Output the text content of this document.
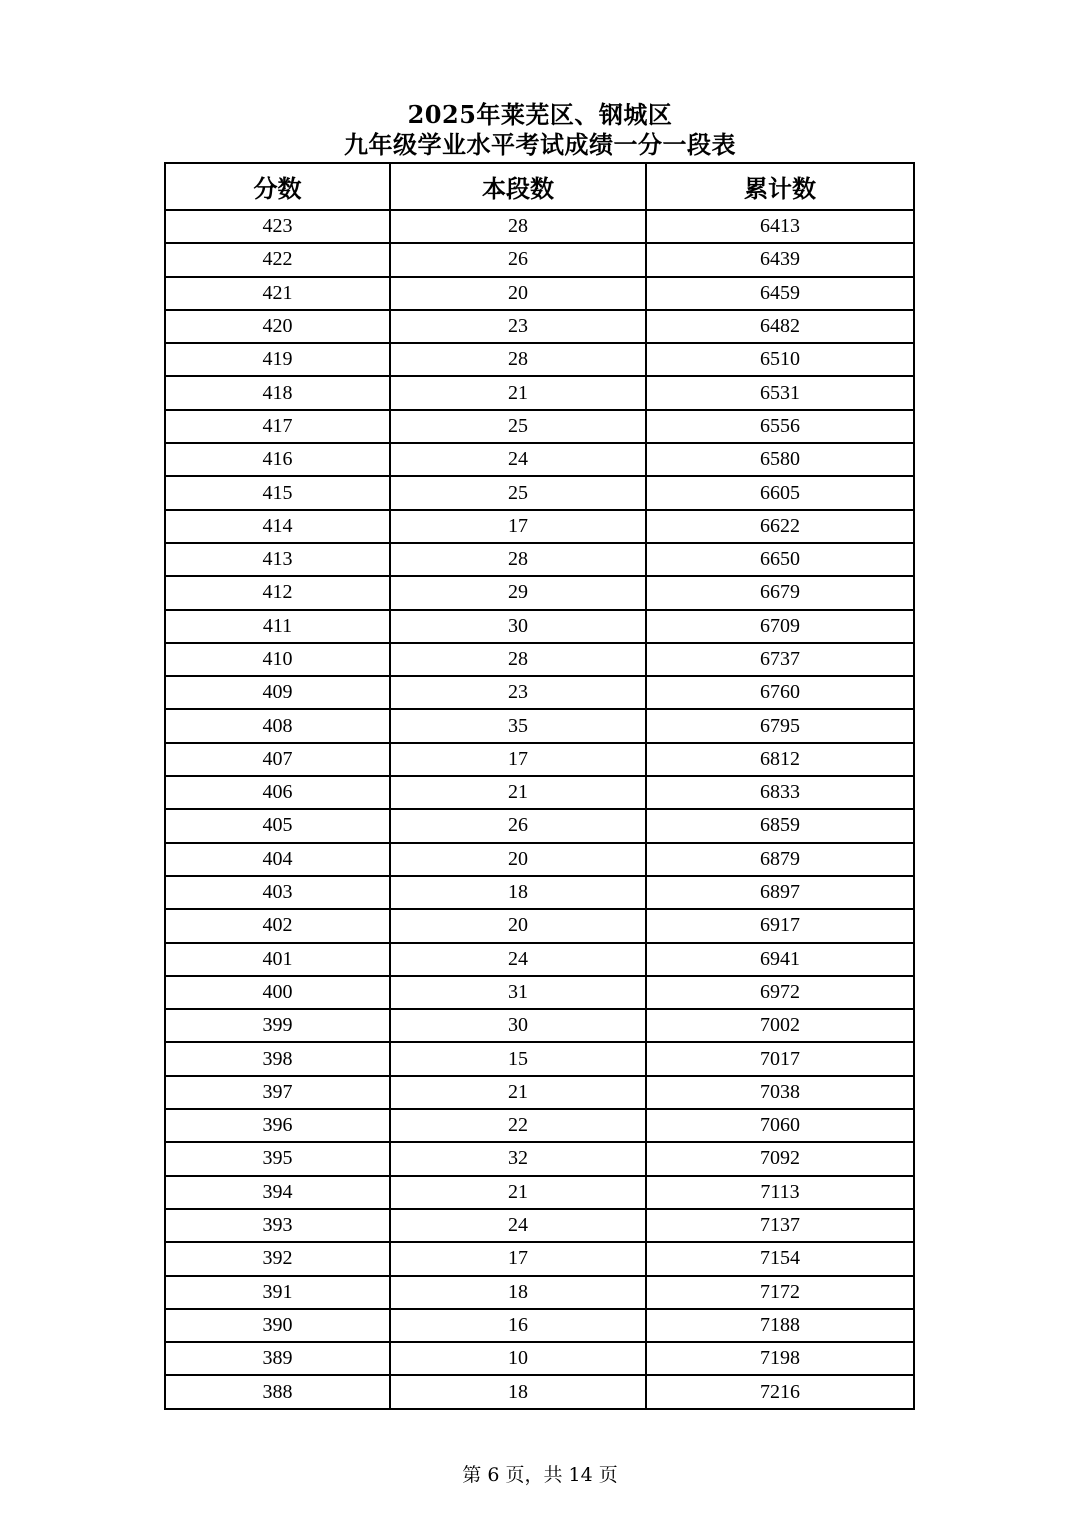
2025年莱芜区、钢城区
九年级学业水平考试成绩一分一段表
分数	本段数	累计数
423	28	6413
422	26	6439
421	20	6459
420	23	6482
419	28	6510
418	21	6531
417	25	6556
416	24	6580
415	25	6605
414	17	6622
413	28	6650
412	29	6679
411	30	6709
410	28	6737
409	23	6760
408	35	6795
407	17	6812
406	21	6833
405	26	6859
404	20	6879
403	18	6897
402	20	6917
401	24	6941
400	31	6972
399	30	7002
398	15	7017
397	21	7038
396	22	7060
395	32	7092
394	21	7113
393	24	7137
392	17	7154
391	18	7172
390	16	7188
389	10	7198
388	18	7216
第 6 页，共 14 页
